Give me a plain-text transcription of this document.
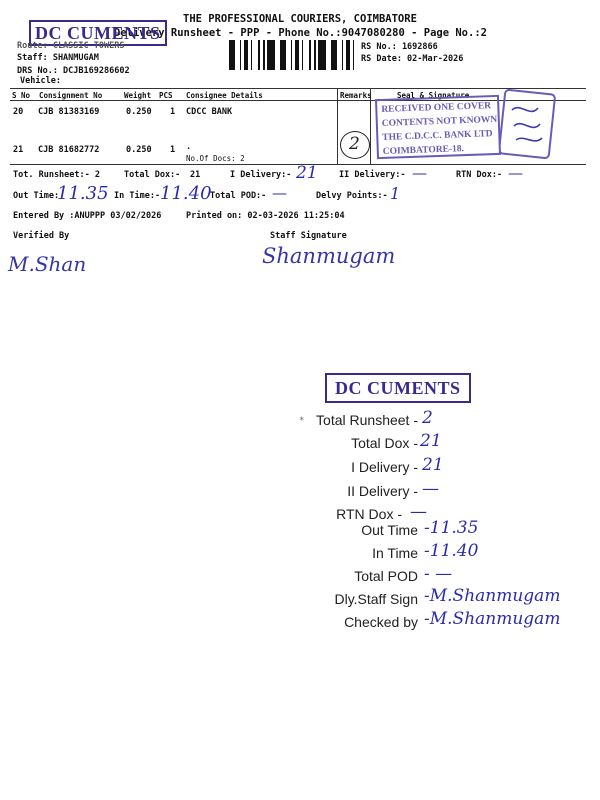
THE PROFESSIONAL COURIERS, COIMBATORE
Delivery Runsheet - PPP - Phone No.:9047080280 - Page No.:2
DC CUMENTS
Route: CLASSIC TOWERS
Staff: SHANMUGAM
DRS No.: DCJB169286602
Vehicle:
RS No.: 1692866
RS Date: 02-Mar-2026
S No Consignment No	Weight PCS Consignee Details	Remarks	Seal & Signature
20 CJB 81383169	0.250 1 CDCC BANK
21 CJB 81682772	0.250 1 .
No.Of Docs: 2
2
RECEIVED ONE COVER
CONTENTS NOT KNOWN
THE C.D.C.C. BANK LTD
COIMBATORE-18.
Tot. Runsheet:- 2	Total Dox:- 21	I Delivery:- 21	II Delivery:- —	RTN Dox:- —
Out Time:
11.35 In Time:- 11.40
Total POD:- —	Delvy Points:- 1
Entered By :ANUPPP 03/02/2026	Printed on: 02-03-2026 11:25:04
Verified By	Staff Signature
M.Shan	Shanmugam
DC CUMENTS
Total Runsheet - 2
Total Dox - 21
I Delivery - 21
II Delivery - —
RTN Dox - —
Out Time -11.35
In Time -11.40
Total POD - —
Dly.Staff Sign -M.Shanmugam
Checked by -M.Shanmugam
*
